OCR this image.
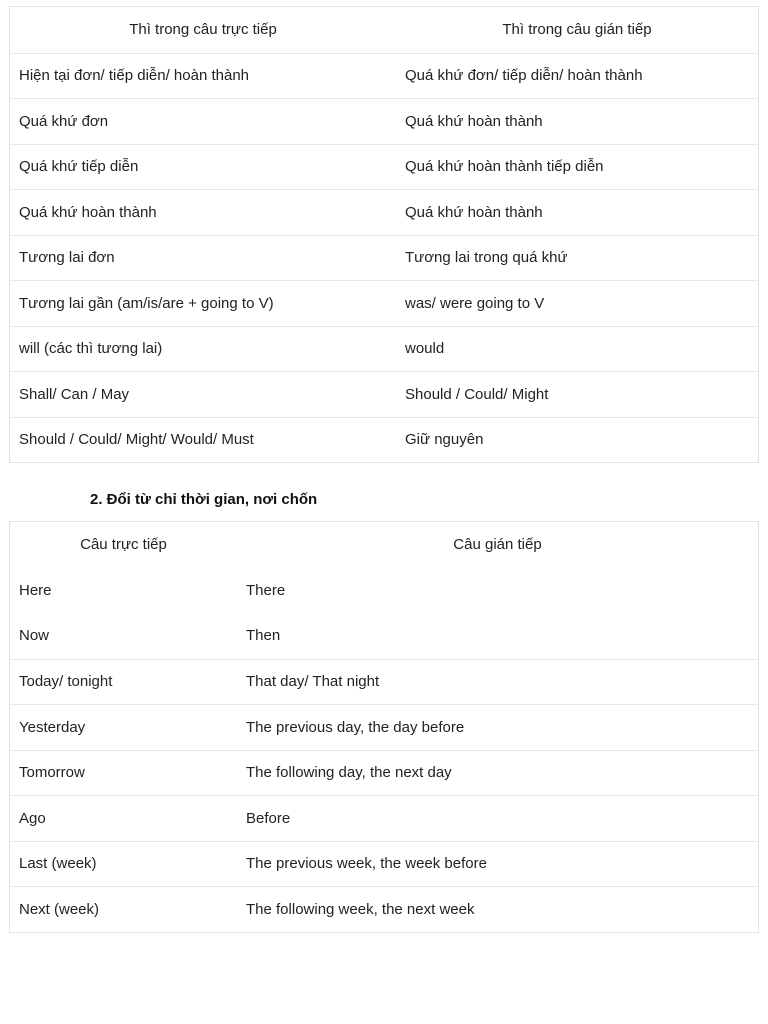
Thì trong câu trực tiếp	Thì trong câu gián tiếp
Hiện tại đơn/ tiếp diễn/ hoàn thành	Quá khứ đơn/ tiếp diễn/ hoàn thành
Quá khứ đơn	Quá khứ hoàn thành
Quá khứ tiếp diễn	Quá khứ hoàn thành tiếp diễn
Quá khứ hoàn thành	Quá khứ hoàn thành
Tương lai đơn	Tương lai trong quá khứ
Tương lai gần (am/is/are + going to V)	was/ were going to V
will (các thì tương lai)	would
Shall/ Can / May	Should / Could/ Might
Should / Could/ Might/ Would/ Must	Giữ nguyên
2. Đổi từ chỉ thời gian, nơi chốn
Câu trực tiếp	Câu gián tiếp
Here	There
Now	Then
Today/ tonight	That day/ That night
Yesterday	The previous day, the day before
Tomorrow	The following day, the next day
Ago	Before
Last (week)	The previous week, the week before
Next (week)	The following week, the next week
